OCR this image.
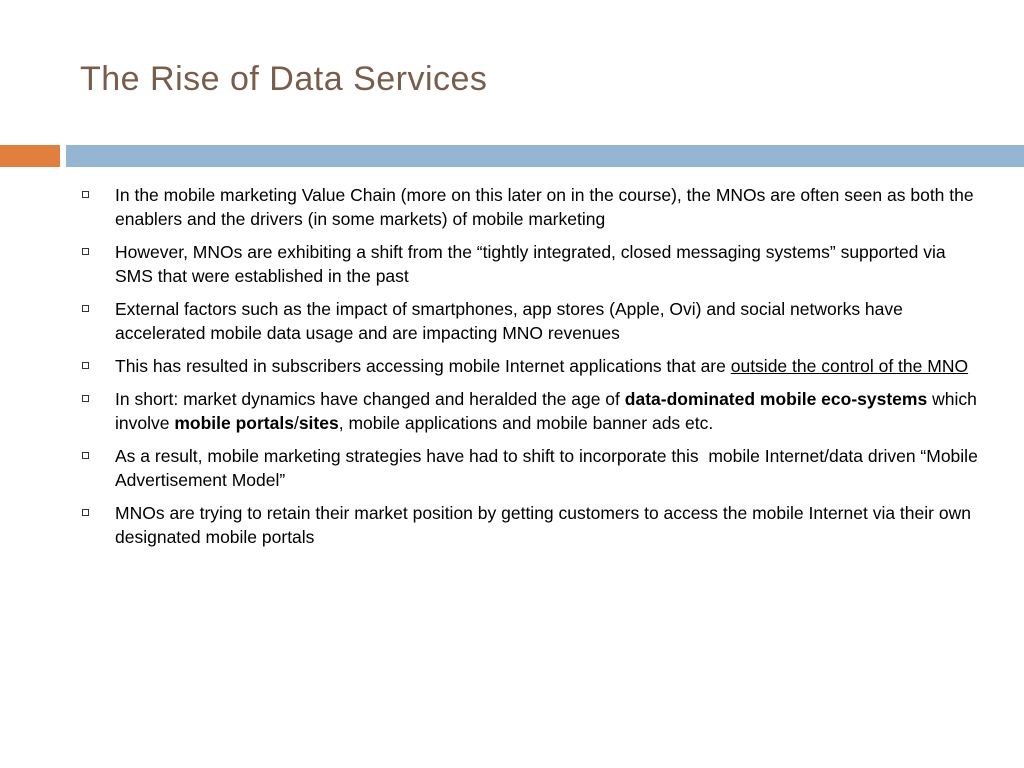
The Rise of Data Services
In the mobile marketing Value Chain (more on this later on in the course), the MNOs are often seen as both the enablers and the drivers (in some markets) of mobile marketing
However, MNOs are exhibiting a shift from the “tightly integrated, closed messaging systems” supported via SMS that were established in the past
External factors such as the impact of smartphones, app stores (Apple, Ovi) and social networks have accelerated mobile data usage and are impacting MNO revenues
This has resulted in subscribers accessing mobile Internet applications that are outside the control of the MNO
In short: market dynamics have changed and heralded the age of data-dominated mobile eco-systems which involve mobile portals/sites, mobile applications and mobile banner ads etc.
As a result, mobile marketing strategies have had to shift to incorporate this  mobile Internet/data driven “Mobile Advertisement Model”
MNOs are trying to retain their market position by getting customers to access the mobile Internet via their own designated mobile portals
